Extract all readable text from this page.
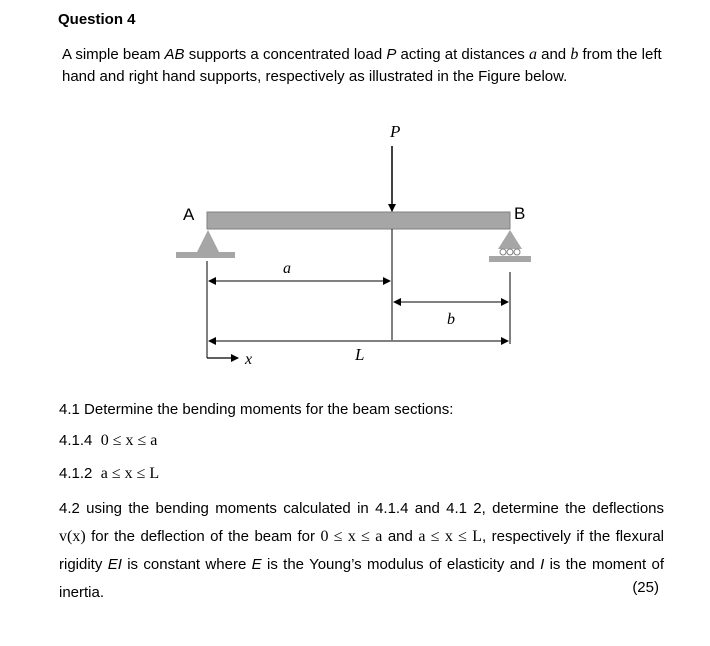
Question 4
A simple beam AB supports a concentrated load P acting at distances a and b from the left hand and right hand supports, respectively as illustrated in the Figure below.
P
A	B
a
b
L
x
4.1 Determine the bending moments for the beam sections:
4.1.4 0 ≤ x ≤ a
4.1.2 a ≤ x ≤ L
4.2 using the bending moments calculated in 4.1.4 and 4.1 2, determine the deflections v(x) for the deflection of the beam for 0 ≤ x ≤ a and a ≤ x ≤ L, respectively if the flexural rigidity EI is constant where E is the Young’s modulus of elasticity and I is the moment of inertia.	(25)
